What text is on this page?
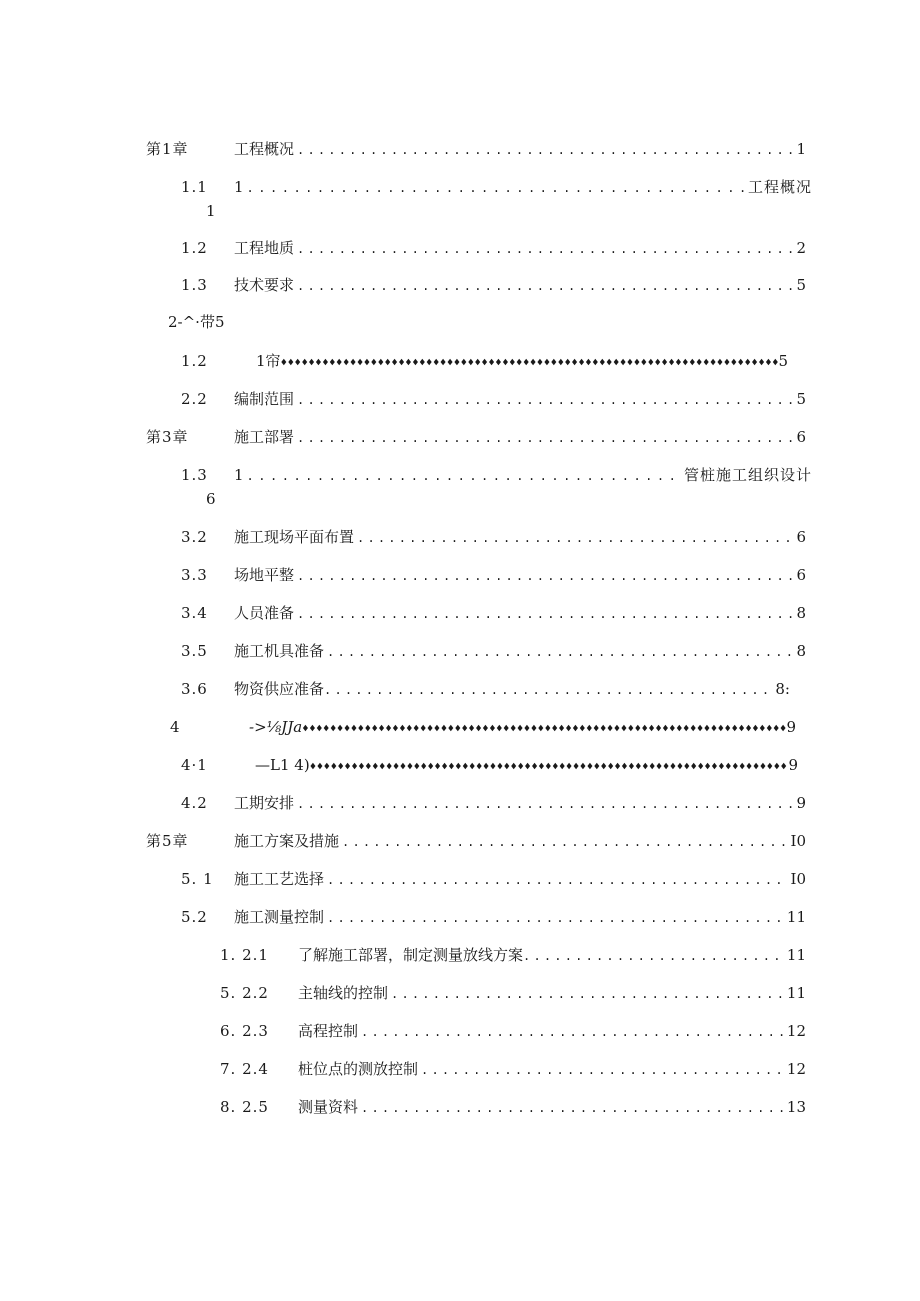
第1章	工程概况 .....	1
1.1 1 .....	工程概况
1
1.2 工程地质 .....	2
1.3 技术要求 .....	5
2-^·带5
1.2	1帘 ♦♦♦♦♦♦♦♦♦♦♦♦♦♦♦♦♦♦♦♦♦♦♦♦♦♦♦♦♦♦♦♦♦♦♦♦♦♦♦♦♦♦♦♦♦♦♦♦♦♦♦♦♦♦♦♦♦♦♦♦♦♦♦♦♦♦♦♦♦♦♦♦♦♦♦♦♦	5
2.2 编制范围 .....	5
第3章	施工部署 .....	6
1.3 1 .....	管桩施工组织设计
6
3.2 施工现场平面布置 .....	6
3.3 场地平整 .....	6
3.4 人员准备 .....	8
3.5 施工机具准备 .....	8
3.6 物资供应准备 .....	8:
4	->⅛JJa ♦♦♦♦♦♦♦♦♦♦♦♦♦♦♦♦♦♦♦♦♦♦♦♦♦♦♦♦♦♦♦♦♦♦♦♦♦♦♦♦♦♦♦♦♦♦♦♦♦♦♦♦♦♦♦♦♦♦♦♦♦♦♦♦♦♦♦♦♦♦♦♦♦♦♦♦♦	9
4·1	—L1 4) ♦♦♦♦♦♦♦♦♦♦♦♦♦♦♦♦♦♦♦♦♦♦♦♦♦♦♦♦♦♦♦♦♦♦♦♦♦♦♦♦♦♦♦♦♦♦♦♦♦♦♦♦♦♦♦♦♦♦♦♦♦♦♦♦♦♦♦♦♦♦♦♦♦♦♦♦♦	9
4.2 工期安排 .....	9
第5章	施工方案及措施 .....	I0
5. 1 施工工艺选择 .....	I0
5.2 施工测量控制 .....	11
1. 2.1 了解施工部署，制定测量放线方案 .....	11
5. 2.2 主轴线的控制 .....	11
6. 2.3 高程控制 .....	12
7. 2.4 桩位点的测放控制 .....	12
8. 2.5 测量资料 .....	13
